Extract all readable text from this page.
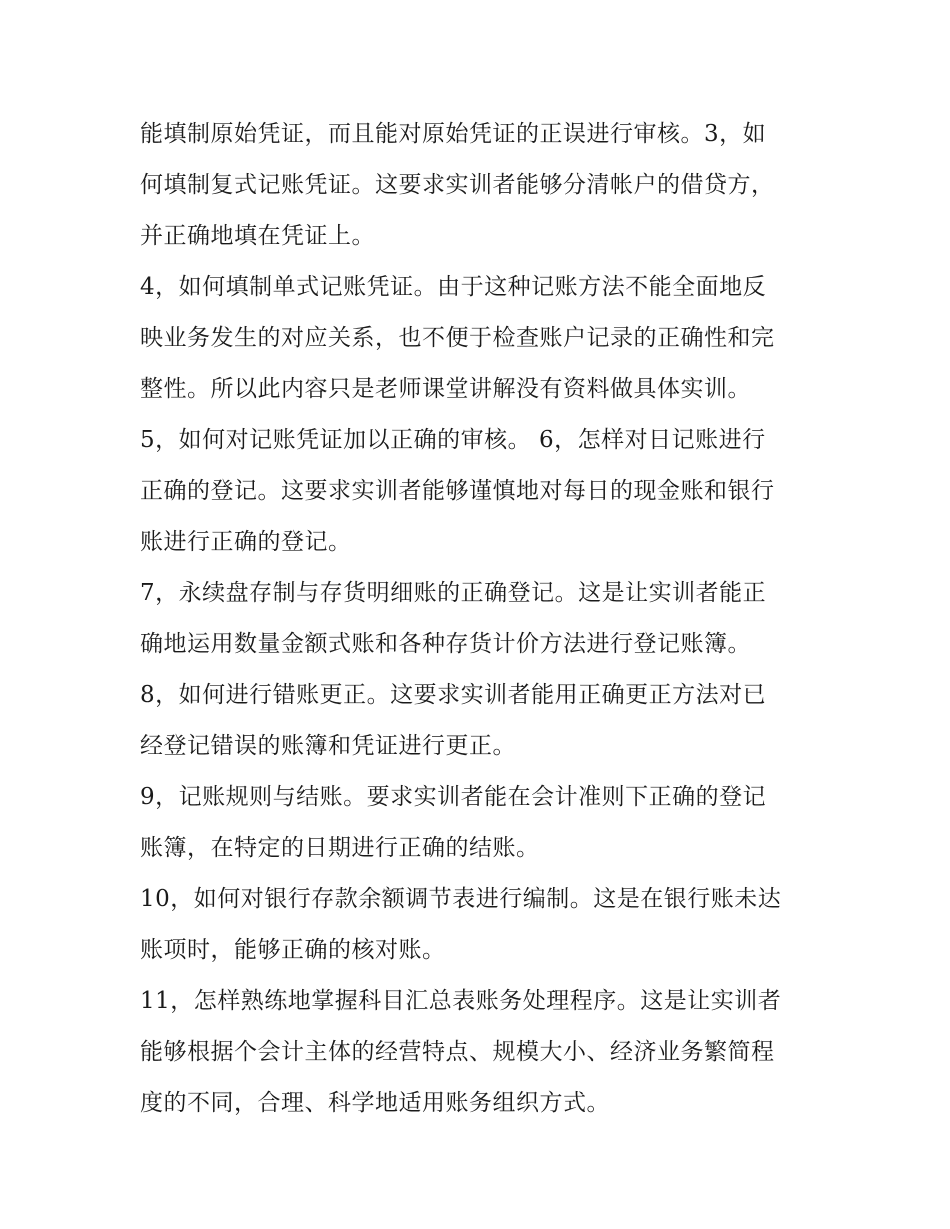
能填制原始凭证，而且能对原始凭证的正误进行审核。3，如
何填制复式记账凭证。这要求实训者能够分清帐户的借贷方，
并正确地填在凭证上。
4，如何填制单式记账凭证。由于这种记账方法不能全面地反
映业务发生的对应关系，也不便于检查账户记录的正确性和完
整性。所以此内容只是老师课堂讲解没有资料做具体实训。
5，如何对记账凭证加以正确的审核。 6，怎样对日记账进行
正确的登记。这要求实训者能够谨慎地对每日的现金账和银行
账进行正确的登记。
7，永续盘存制与存货明细账的正确登记。这是让实训者能正
确地运用数量金额式账和各种存货计价方法进行登记账簿。
8，如何进行错账更正。这要求实训者能用正确更正方法对已
经登记错误的账簿和凭证进行更正。
9，记账规则与结账。要求实训者能在会计准则下正确的登记
账簿，在特定的日期进行正确的结账。
10，如何对银行存款余额调节表进行编制。这是在银行账未达
账项时，能够正确的核对账。
11，怎样熟练地掌握科目汇总表账务处理程序。这是让实训者
能够根据个会计主体的经营特点、规模大小、经济业务繁简程
度的不同，合理、科学地适用账务组织方式。
